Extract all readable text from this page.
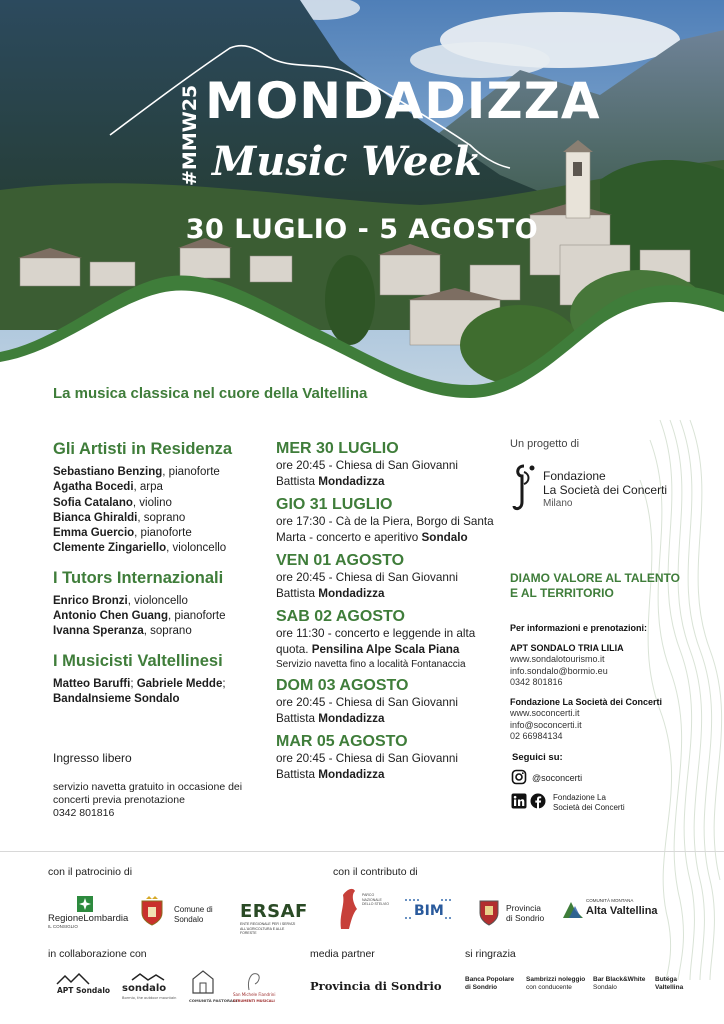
#MMW25 MONDADIZZA
Music Week
30 LUGLIO - 5 AGOSTO
La musica classica nel cuore della Valtellina
Gli Artisti in Residenza
Sebastiano Benzing, pianoforte
Agatha Bocedi, arpa
Sofia Catalano, violino
Bianca Ghiraldi, soprano
Emma Guercio, pianoforte
Clemente Zingariello, violoncello
I Tutors Internazionali
Enrico Bronzi, violoncello
Antonio Chen Guang, pianoforte
Ivanna Speranza, soprano
I Musicisti Valtellinesi
Matteo Baruffi; Gabriele Medde;
BandaInsieme Sondalo
Ingresso libero
servizio navetta gratuito in occasione dei concerti previa prenotazione
0342 801816
MER 30 LUGLIO
ore 20:45 - Chiesa di San Giovanni Battista Mondadizza
GIO 31 LUGLIO
ore 17:30 - Cà de la Piera, Borgo di Santa Marta - concerto e aperitivo Sondalo
VEN 01 AGOSTO
ore 20:45 - Chiesa di San Giovanni Battista Mondadizza
SAB 02 AGOSTO
ore 11:30 - concerto e leggende in alta quota. Pensilina Alpe Scala Piana
Servizio navetta fino a località Fontanaccia
DOM 03 AGOSTO
ore 20:45 - Chiesa di San Giovanni Battista Mondadizza
MAR 05 AGOSTO
ore 20:45 - Chiesa di San Giovanni Battista Mondadizza
Un progetto di
Fondazione
La Società dei Concerti
Milano
DIAMO VALORE AL TALENTO
E AL TERRITORIO
Per informazioni e prenotazioni:
APT SONDALO TRIA LILIA
www.sondalotourismo.it
info.sondalo@bormio.eu
0342 801816
Fondazione La Società dei Concerti
www.soconcerti.it
info@soconcerti.it
02 66984134
Seguici su:
@soconcerti
Fondazione La
Società dei Concerti
con il patrocinio di	con il contributo di
RegioneLombardia
IL CONSIGLIO
Comune di
Sondalo	ERSAF
ENTE REGIONALE PER I SERVIZI ALL'AGRICOLTURA E ALLE FORESTE
PARCO NAZIONALE DELLO STELVIO BIM	Provincia
di Sondrio
COMUNITÀ MONTANA
Alta Valtellina
in collaborazione con	media partner	si ringrazia
APT Sondalo sondalo
Bormio, the outdoor mountain	COMUNITÀ PASTORALE
San Michele Fiandrini
STRUMENTI MUSICALI
Provincia di Sondrio	Banca Popolare
di Sondrio
Sambrizzi noleggio
con conducente
Bar Black&White
Sondalo
Butéga
Valtellina
